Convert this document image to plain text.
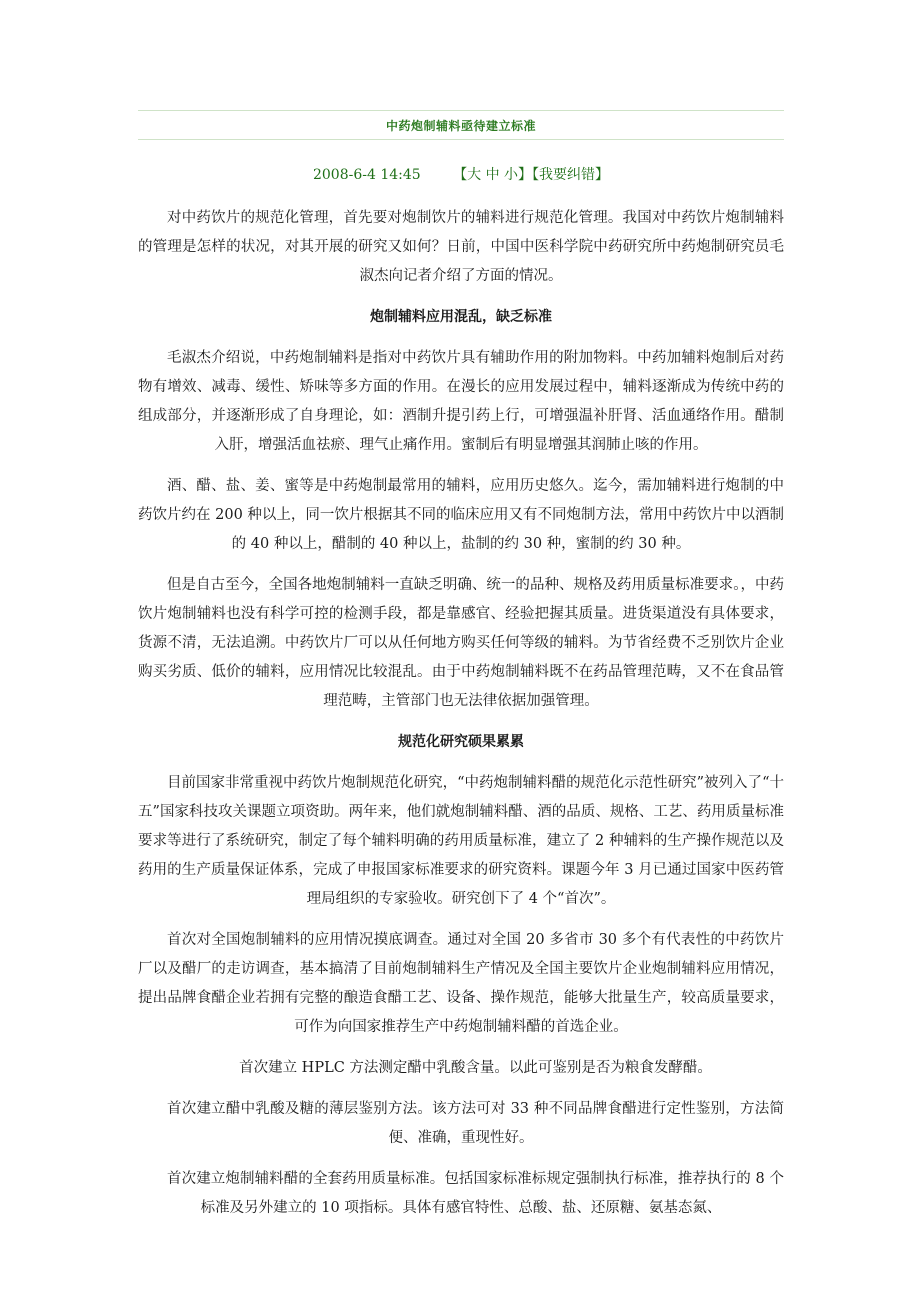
中药炮制辅料亟待建立标准
2008-6-4 14:45 【大 中 小】【我要纠错】

对中药饮片的规范化管理，首先要对炮制饮片的辅料进行规范化管理。我国对中药饮片炮制辅料的管理是怎样的状况，对其开展的研究又如何？日前，中国中医科学院中药研究所中药炮制研究员毛淑杰向记者介绍了方面的情况。

炮制辅料应用混乱，缺乏标准

毛淑杰介绍说，中药炮制辅料是指对中药饮片具有辅助作用的附加物料。中药加辅料炮制后对药物有增效、减毒、缓性、矫味等多方面的作用。在漫长的应用发展过程中，辅料逐渐成为传统中药的组成部分，并逐渐形成了自身理论，如：酒制升提引药上行，可增强温补肝肾、活血通络作用。醋制入肝，增强活血祛瘀、理气止痛作用。蜜制后有明显增强其润肺止咳的作用。

酒、醋、盐、姜、蜜等是中药炮制最常用的辅料，应用历史悠久。迄今，需加辅料进行炮制的中药饮片约在 200 种以上，同一饮片根据其不同的临床应用又有不同炮制方法，常用中药饮片中以酒制的 40 种以上，醋制的 40 种以上，盐制的约 30 种，蜜制的约 30 种。

但是自古至今，全国各地炮制辅料一直缺乏明确、统一的品种、规格及药用质量标准要求。，中药饮片炮制辅料也没有科学可控的检测手段，都是靠感官、经验把握其质量。进货渠道没有具体要求，货源不清，无法追溯。中药饮片厂可以从任何地方购买任何等级的辅料。为节省经费不乏别饮片企业购买劣质、低价的辅料，应用情况比较混乱。由于中药炮制辅料既不在药品管理范畴，又不在食品管理范畴，主管部门也无法律依据加强管理。

规范化研究硕果累累

目前国家非常重视中药饮片炮制规范化研究，“中药炮制辅料醋的规范化示范性研究”被列入了“十五”国家科技攻关课题立项资助。两年来，他们就炮制辅料醋、酒的品质、规格、工艺、药用质量标准要求等进行了系统研究，制定了每个辅料明确的药用质量标准，建立了 2 种辅料的生产操作规范以及药用的生产质量保证体系，完成了申报国家标准要求的研究资料。课题今年 3 月已通过国家中医药管理局组织的专家验收。研究创下了 4 个“首次”。

首次对全国炮制辅料的应用情况摸底调查。通过对全国 20 多省市 30 多个有代表性的中药饮片厂以及醋厂的走访调查，基本搞清了目前炮制辅料生产情况及全国主要饮片企业炮制辅料应用情况，提出品牌食醋企业若拥有完整的酿造食醋工艺、设备、操作规范，能够大批量生产，较高质量要求，可作为向国家推荐生产中药炮制辅料醋的首选企业。

首次建立 HPLC 方法测定醋中乳酸含量。以此可鉴别是否为粮食发酵醋。

首次建立醋中乳酸及糖的薄层鉴别方法。该方法可对 33 种不同品牌食醋进行定性鉴别，方法简便、准确，重现性好。

首次建立炮制辅料醋的全套药用质量标准。包括国家标准标规定强制执行标准，推荐执行的 8 个标准及另外建立的 10 项指标。具体有感官特性、总酸、盐、还原糖、氨基态氮、
